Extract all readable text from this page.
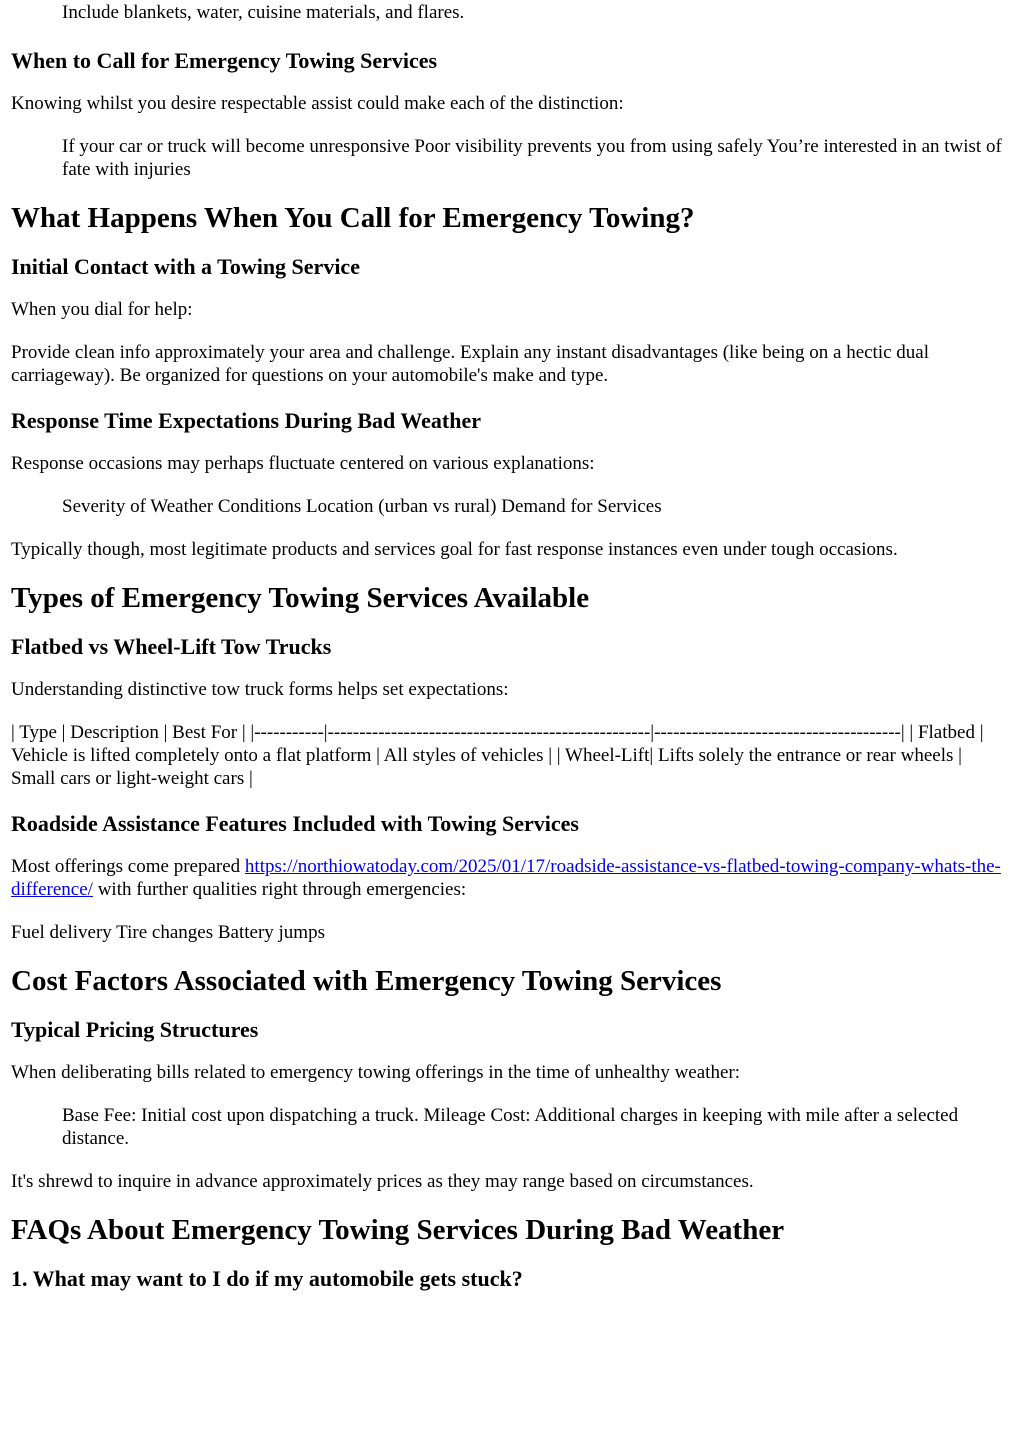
Include blankets, water, cuisine materials, and flares.
When to Call for Emergency Towing Services

Knowing whilst you desire respectable assist could make each of the distinction:

If your car or truck will become unresponsive Poor visibility prevents you from using safely You’re interested in an twist of fate with injuries
What Happens When You Call for Emergency Towing?
Initial Contact with a Towing Service

When you dial for help:

Provide clean info approximately your area and challenge. Explain any instant disadvantages (like being on a hectic dual carriageway). Be organized for questions on your automobile's make and type.

Response Time Expectations During Bad Weather

Response occasions may perhaps fluctuate centered on various explanations:

Severity of Weather Conditions Location (urban vs rural) Demand for Services

Typically though, most legitimate products and services goal for fast response instances even under tough occasions.

Types of Emergency Towing Services Available
Flatbed vs Wheel-Lift Tow Trucks

Understanding distinctive tow truck forms helps set expectations:

| Type | Description | Best For | |-----------|---------------------------------------------------|---------------------------------------| | Flatbed | Vehicle is lifted completely onto a flat platform | All styles of vehicles | | Wheel-Lift| Lifts solely the entrance or rear wheels | Small cars or light-weight cars |

Roadside Assistance Features Included with Towing Services

Most offerings come prepared https://northiowatoday.com/2025/01/17/roadside-assistance-vs-flatbed-towing-company-whats-the-difference/ with further qualities right through emergencies:

Fuel delivery Tire changes Battery jumps

Cost Factors Associated with Emergency Towing Services
Typical Pricing Structures

When deliberating bills related to emergency towing offerings in the time of unhealthy weather:

Base Fee: Initial cost upon dispatching a truck. Mileage Cost: Additional charges in keeping with mile after a selected distance.

It's shrewd to inquire in advance approximately prices as they may range based on circumstances.

FAQs About Emergency Towing Services During Bad Weather
1. What may want to I do if my automobile gets stuck?
